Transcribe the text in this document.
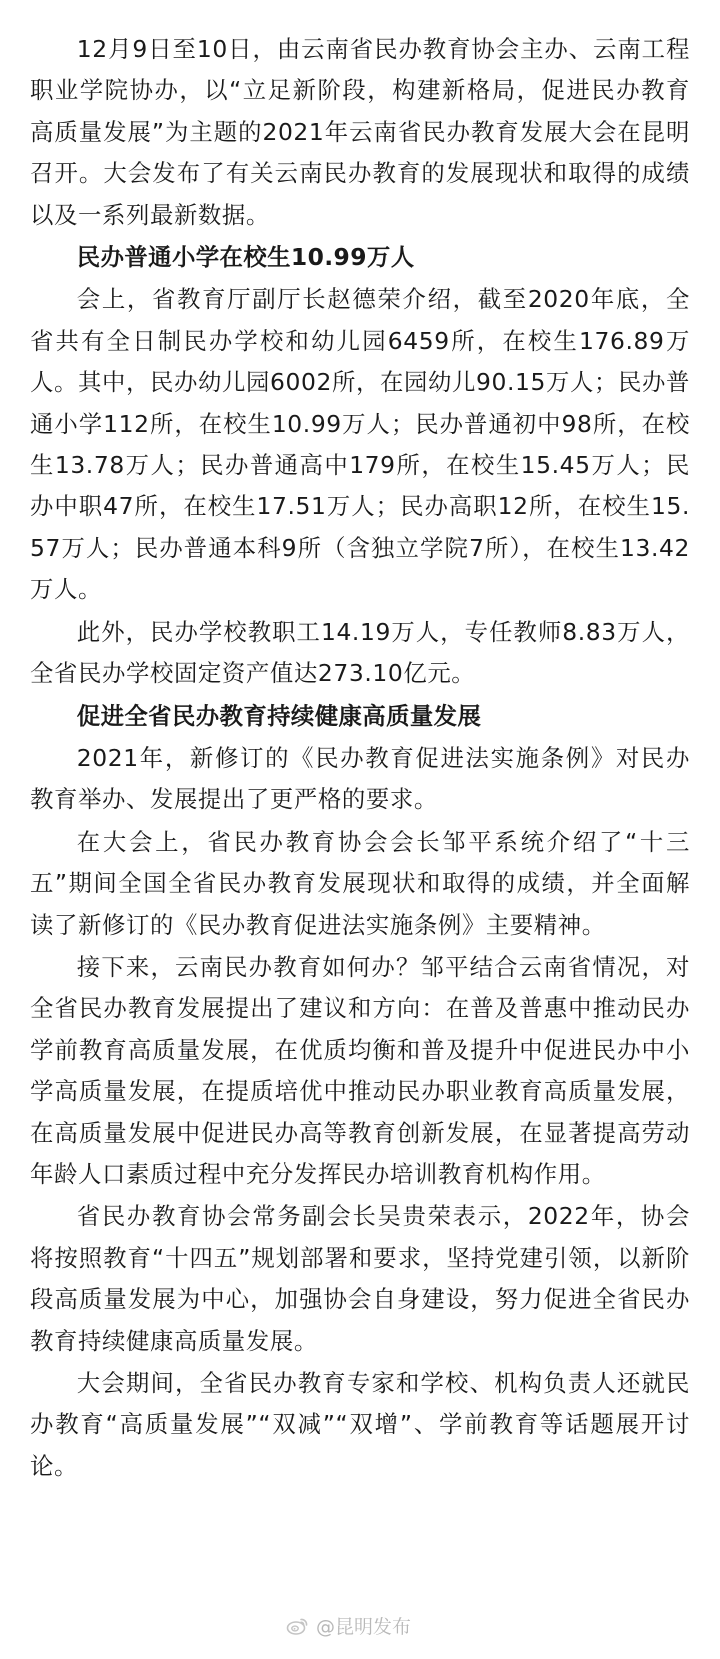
12月9日至10日，由云南省民办教育协会主办、云南工程职业学院协办，以“立足新阶段，构建新格局，促进民办教育高质量发展”为主题的2021年云南省民办教育发展大会在昆明召开。大会发布了有关云南民办教育的发展现状和取得的成绩以及一系列最新数据。

民办普通小学在校生10.99万人

会上，省教育厅副厅长赵德荣介绍，截至2020年底，全省共有全日制民办学校和幼儿园6459所，在校生176.89万人。其中，民办幼儿园6002所，在园幼儿90.15万人；民办普通小学112所，在校生10.99万人；民办普通初中98所，在校生13.78万人；民办普通高中179所，在校生15.45万人；民办中职47所，在校生17.51万人；民办高职12所，在校生15.57万人；民办普通本科9所（含独立学院7所），在校生13.42万人。

此外，民办学校教职工14.19万人，专任教师8.83万人，全省民办学校固定资产值达273.10亿元。

促进全省民办教育持续健康高质量发展

2021年，新修订的《民办教育促进法实施条例》对民办教育举办、发展提出了更严格的要求。

在大会上，省民办教育协会会长邹平系统介绍了“十三五”期间全国全省民办教育发展现状和取得的成绩，并全面解读了新修订的《民办教育促进法实施条例》主要精神。

接下来，云南民办教育如何办？邹平结合云南省情况，对全省民办教育发展提出了建议和方向：在普及普惠中推动民办学前教育高质量发展，在优质均衡和普及提升中促进民办中小学高质量发展，在提质培优中推动民办职业教育高质量发展，在高质量发展中促进民办高等教育创新发展，在显著提高劳动年龄人口素质过程中充分发挥民办培训教育机构作用。

省民办教育协会常务副会长吴贵荣表示，2022年，协会将按照教育“十四五”规划部署和要求，坚持党建引领，以新阶段高质量发展为中心，加强协会自身建设，努力促进全省民办教育持续健康高质量发展。

大会期间，全省民办教育专家和学校、机构负责人还就民办教育“高质量发展”“双减”“双增”、学前教育等话题展开讨论。

@昆明发布
